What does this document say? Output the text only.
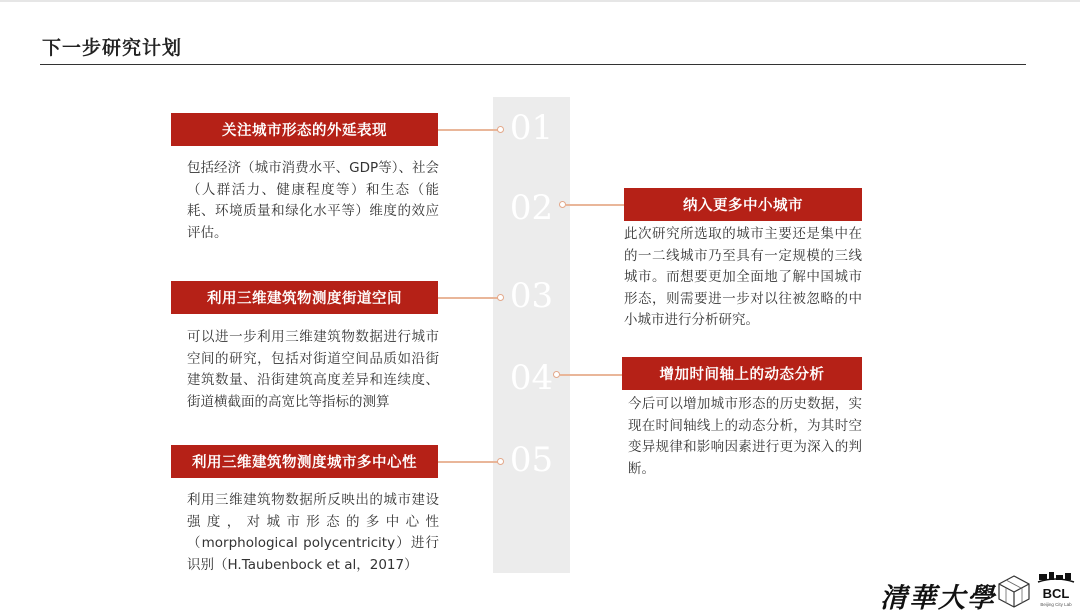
下一步研究计划
关注城市形态的外延表现	01
包括经济（城市消费水平、GDP等）、社会（人群活力、健康程度等）和生态（能耗、环境质量和绿化水平等）维度的效应评估。
02	纳入更多中小城市
此次研究所选取的城市主要还是集中在的一二线城市乃至具有一定规模的三线城市。而想要更加全面地了解中国城市形态，则需要进一步对以往被忽略的中小城市进行分析研究。
利用三维建筑物测度街道空间	03
可以进一步利用三维建筑物数据进行城市空间的研究，包括对街道空间品质如沿街建筑数量、沿街建筑高度差异和连续度、街道横截面的高宽比等指标的测算
04	增加时间轴上的动态分析
今后可以增加城市形态的历史数据，实现在时间轴线上的动态分析，为其时空变异规律和影响因素进行更为深入的判断。
利用三维建筑物测度城市多中心性	05
利用三维建筑物数据所反映出的城市建设强度，对城市形态的多中心性（morphological polycentricity）进行识别（H.Taubenbock et al，2017）
清華大學	BCL
Beijing City Lab
